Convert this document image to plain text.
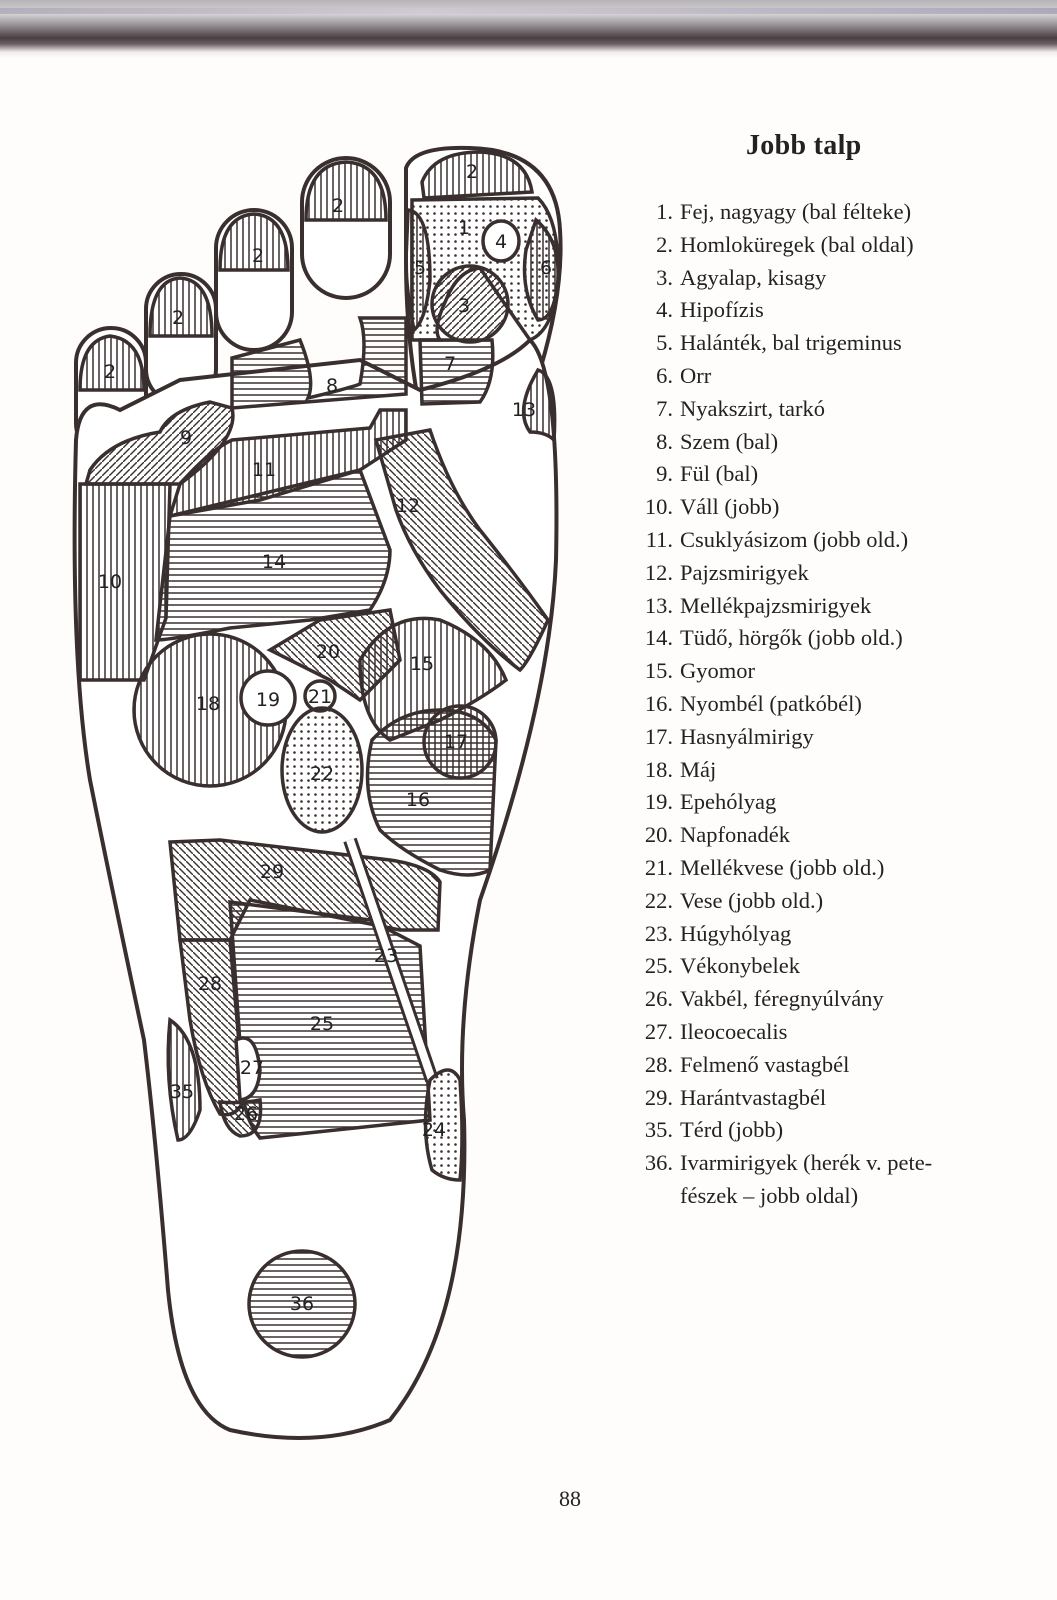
2
2
2
2
2
1
4
5	6
3
7
13
8
9
11
12
10
14
20
15
18 19 21
17
22
16
29
23
28
25
27
26
35
24
36
Jobb talp
1. Fej, nagyagy (bal félteke)
2. Homloküregek (bal oldal)
3. Agyalap, kisagy
4. Hipofízis
5. Halánték, bal trigeminus
6. Orr
7. Nyakszirt, tarkó
8. Szem (bal)
9. Fül (bal)
10. Váll (jobb)
11. Csuklyásizom (jobb old.)
12. Pajzsmirigyek
13. Mellékpajzsmirigyek
14. Tüdő, hörgők (jobb old.)
15. Gyomor
16. Nyombél (patkóbél)
17. Hasnyálmirigy
18. Máj
19. Epehólyag
20. Napfonadék
21. Mellékvese (jobb old.)
22. Vese (jobb old.)
23. Húgyhólyag
25. Vékonybelek
26. Vakbél, féregnyúlvány
27. Ileocoecalis
28. Felmenő vastagbél
29. Harántvastagbél
35. Térd (jobb)
36. Ivarmirigyek (herék v. pete-
fészek – jobb oldal)
88
